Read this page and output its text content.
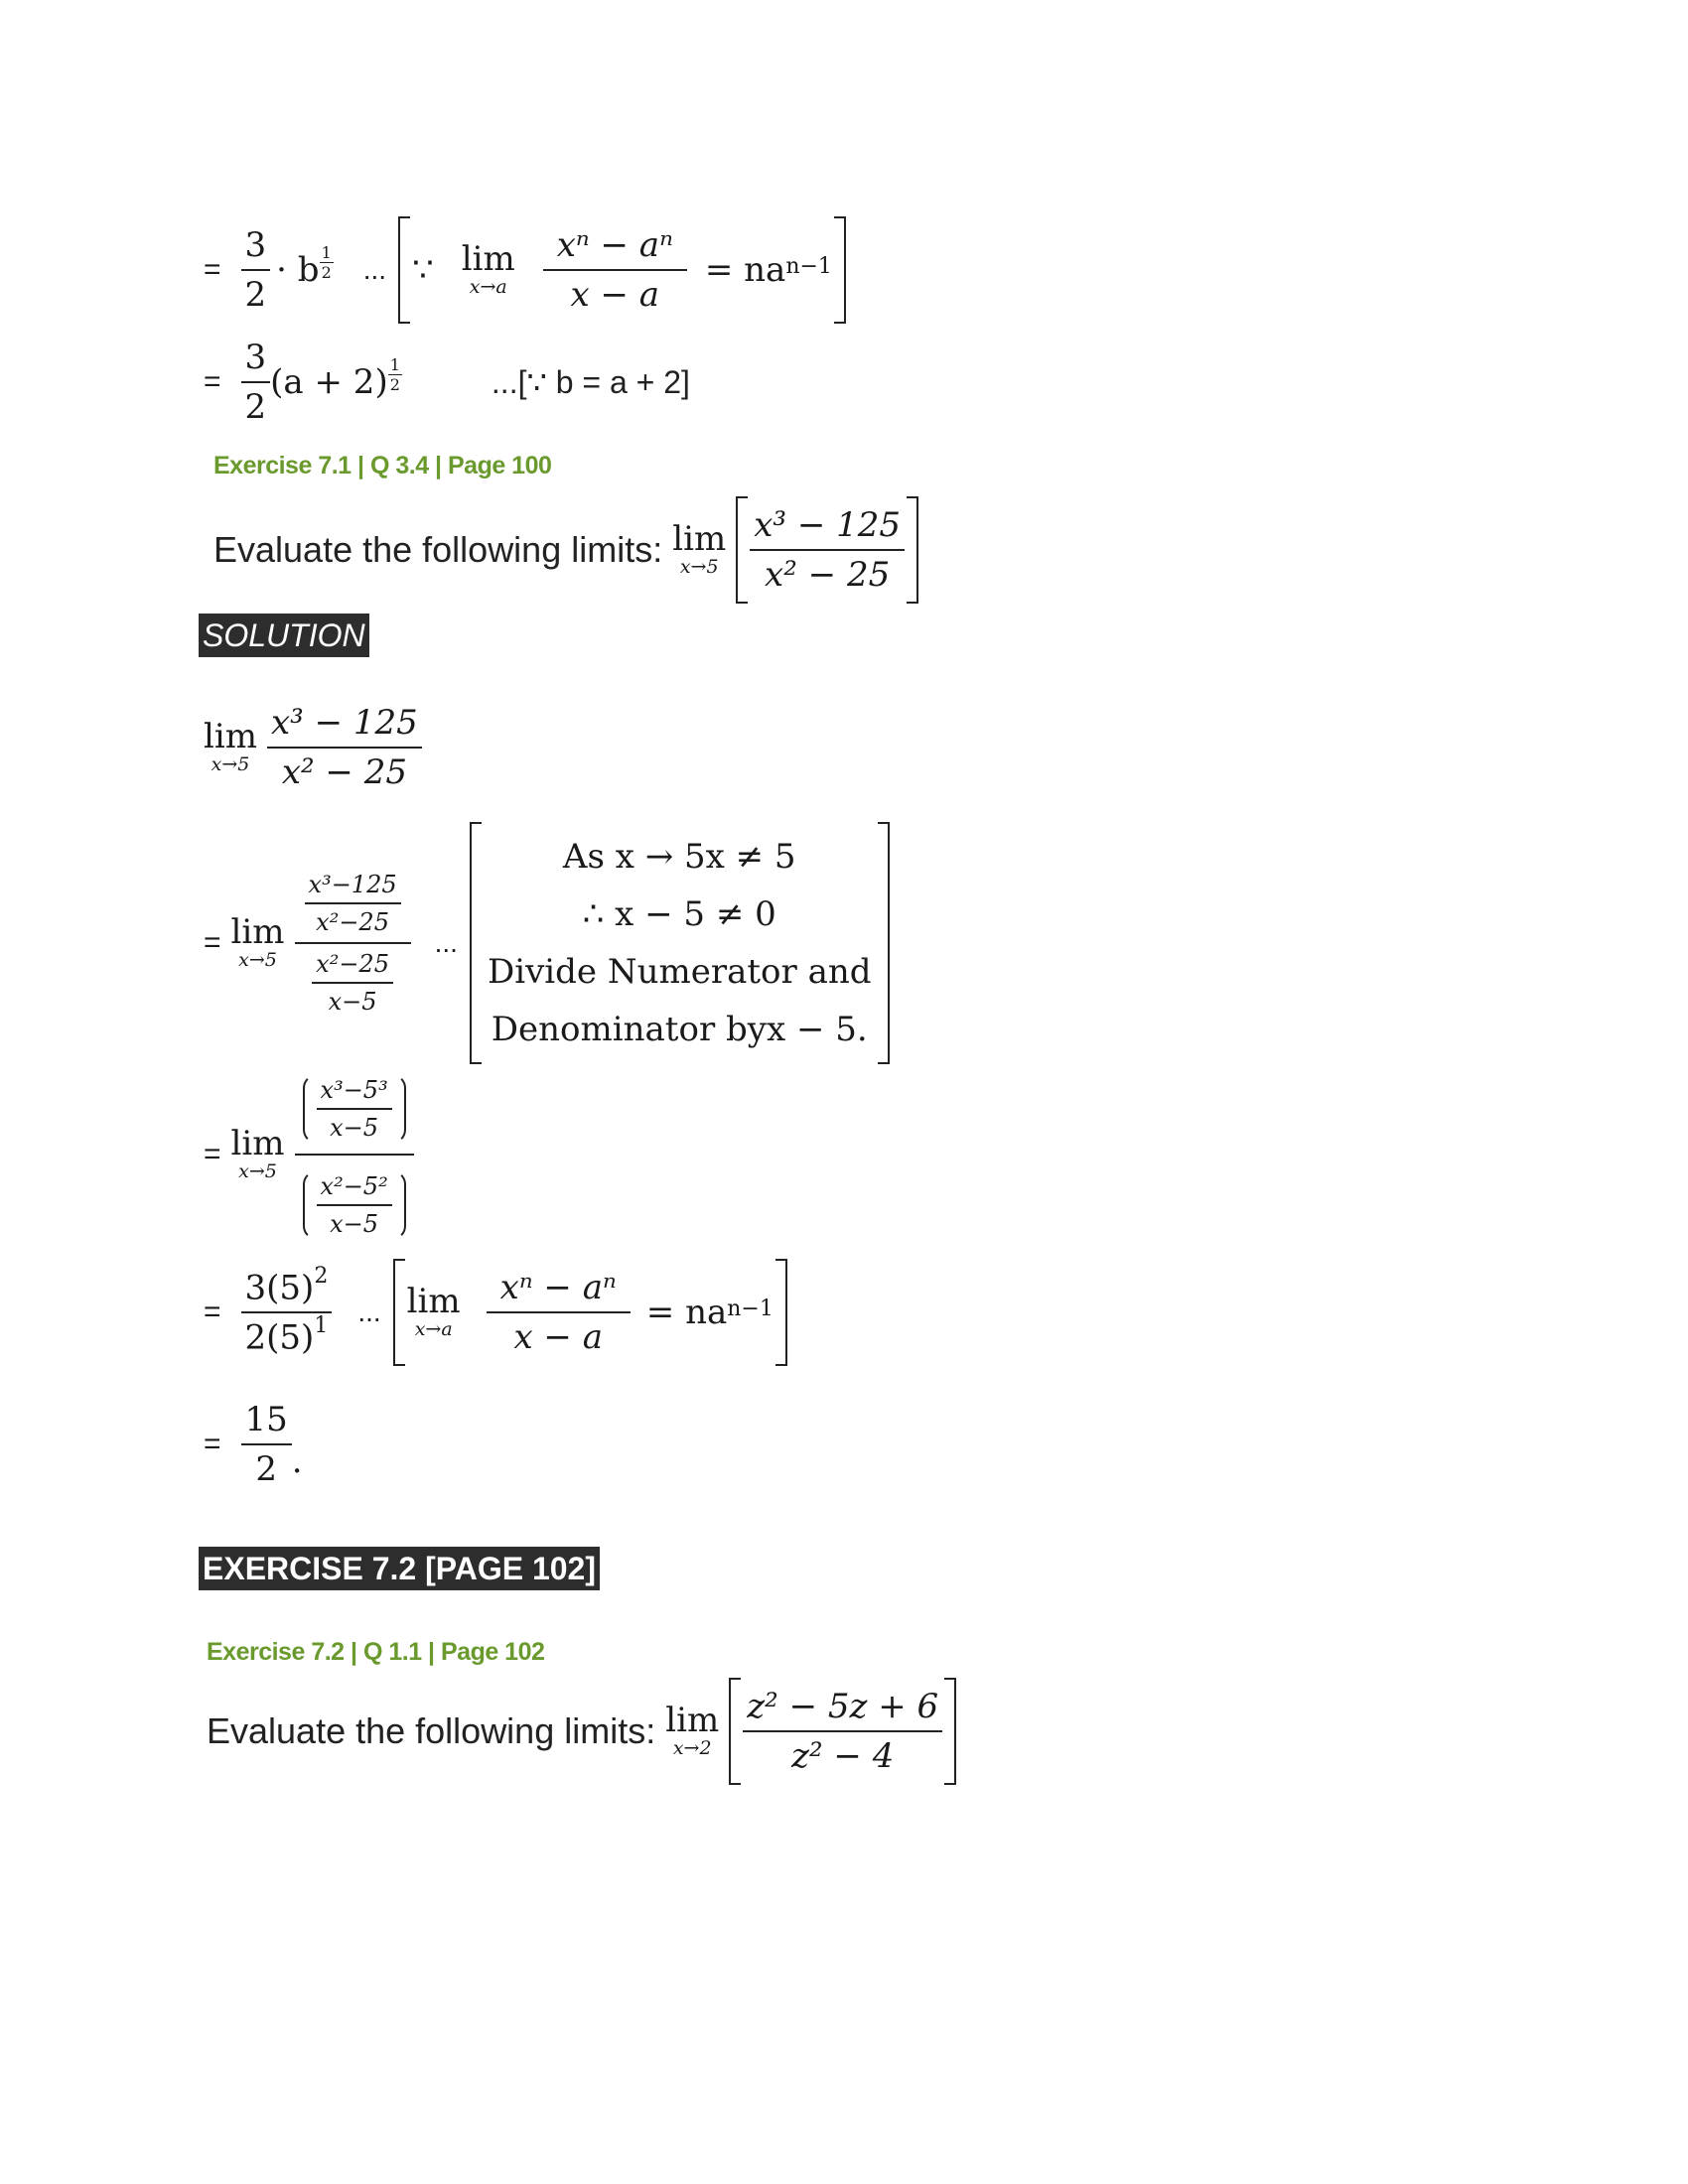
= $\frac{3}{2} \cdot b$ 1
2 ... ∵ lim
$x\to a \frac{\text{xⁿ − aⁿ}}{x - a}$ = na n−1
= $\frac{3}{2} (a + 2)$ 1
2	...[∵ b = a + 2]
Exercise 7.1 | Q 3.4 | Page 100
Evaluate the following limits: lim
$x\to 5 \frac{\text{x³ − 125}}{\text{x² − 25}}$
SOLUTION
lim
$x\to 5 \frac{\text{x³ − 125}}{\text{x² − 25}}$
= lim
$x\to 5 \frac{\frac{\text{x³−125}}{\text{x²−25}}}{\frac{\text{x²−25}}{x-5}}$ ...
As x → 5x ≠ 5
∴ x − 5 ≠ 0
Divide Numerator and
Denominator byx − 5.
= lim
$x\to 5 \frac{\frac{\text{x³−5³}}{x-5}}{\frac{\text{x²−5²}}{x-5}}$
= $\frac{3(5)^2}{2(5)^1}$ ... lim
$x\to a \frac{\text{xⁿ − aⁿ}}{x - a}$ = na n−1
= $\frac{15}{2}$ .
EXERCISE 7.2 [PAGE 102]
Exercise 7.2 | Q 1.1 | Page 102
Evaluate the following limits: lim
$x\to 2 \frac{\text{z² − 5z + 6}}{\text{z² − 4}}$
